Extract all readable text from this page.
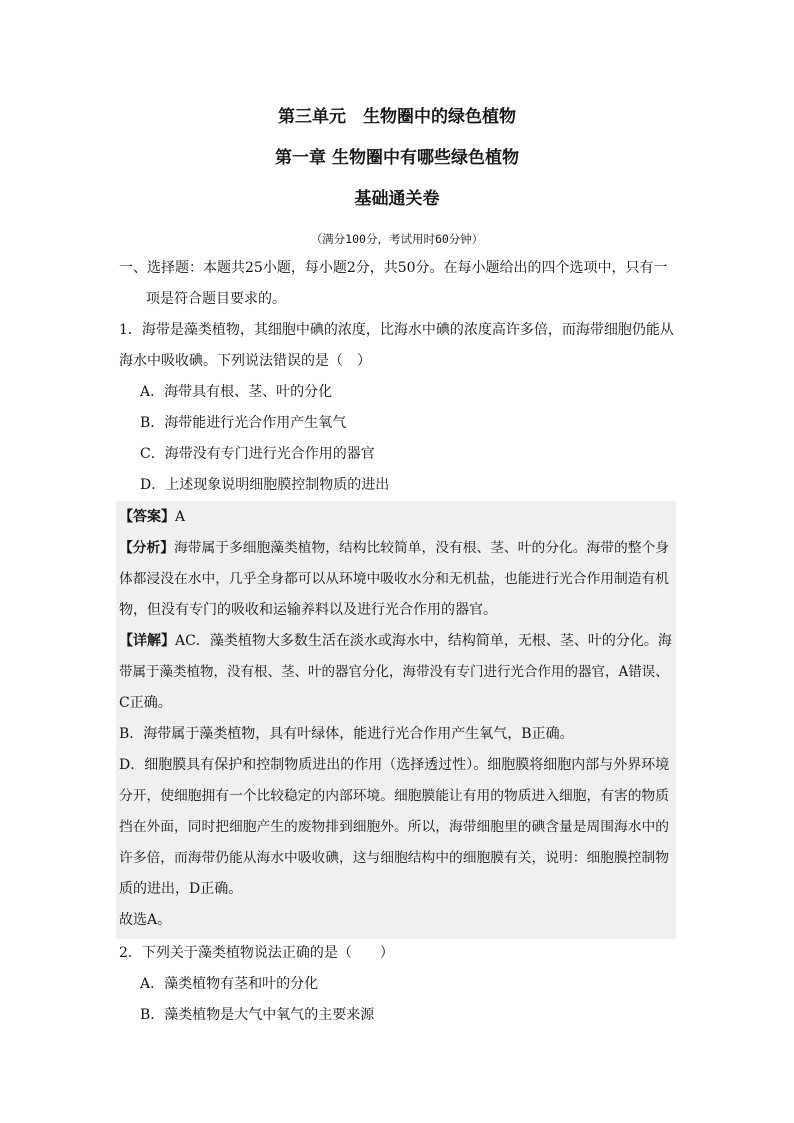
第三单元　生物圈中的绿色植物
第一章 生物圈中有哪些绿色植物
基础通关卷
（满分100分，考试用时60分钟）
一、选择题：本题共25小题，每小题2分，共50分。在每小题给出的四个选项中，只有一
项是符合题目要求的。
1．海带是藻类植物，其细胞中碘的浓度，比海水中碘的浓度高许多倍，而海带细胞仍能从
海水中吸收碘。下列说法错误的是（　）
A．海带具有根、茎、叶的分化
B．海带能进行光合作用产生氧气
C．海带没有专门进行光合作用的器官
D．上述现象说明细胞膜控制物质的进出
【答案】A
【分析】海带属于多细胞藻类植物，结构比较简单，没有根、茎、叶的分化。海带的整个身
体都浸没在水中，几乎全身都可以从环境中吸收水分和无机盐，也能进行光合作用制造有机
物，但没有专门的吸收和运输养料以及进行光合作用的器官。
【详解】AC．藻类植物大多数生活在淡水或海水中，结构简单，无根、茎、叶的分化。海
带属于藻类植物，没有根、茎、叶的器官分化，海带没有专门进行光合作用的器官，A错误、
C正确。
B．海带属于藻类植物，具有叶绿体，能进行光合作用产生氧气，B正确。
D．细胞膜具有保护和控制物质进出的作用（选择透过性）。细胞膜将细胞内部与外界环境
分开，使细胞拥有一个比较稳定的内部环境。细胞膜能让有用的物质进入细胞，有害的物质
挡在外面，同时把细胞产生的废物排到细胞外。所以，海带细胞里的碘含量是周围海水中的
许多倍，而海带仍能从海水中吸收碘，这与细胞结构中的细胞膜有关，说明：细胞膜控制物
质的进出，D正确。
故选A。
2．下列关于藻类植物说法正确的是（　　）
A．藻类植物有茎和叶的分化
B．藻类植物是大气中氧气的主要来源
